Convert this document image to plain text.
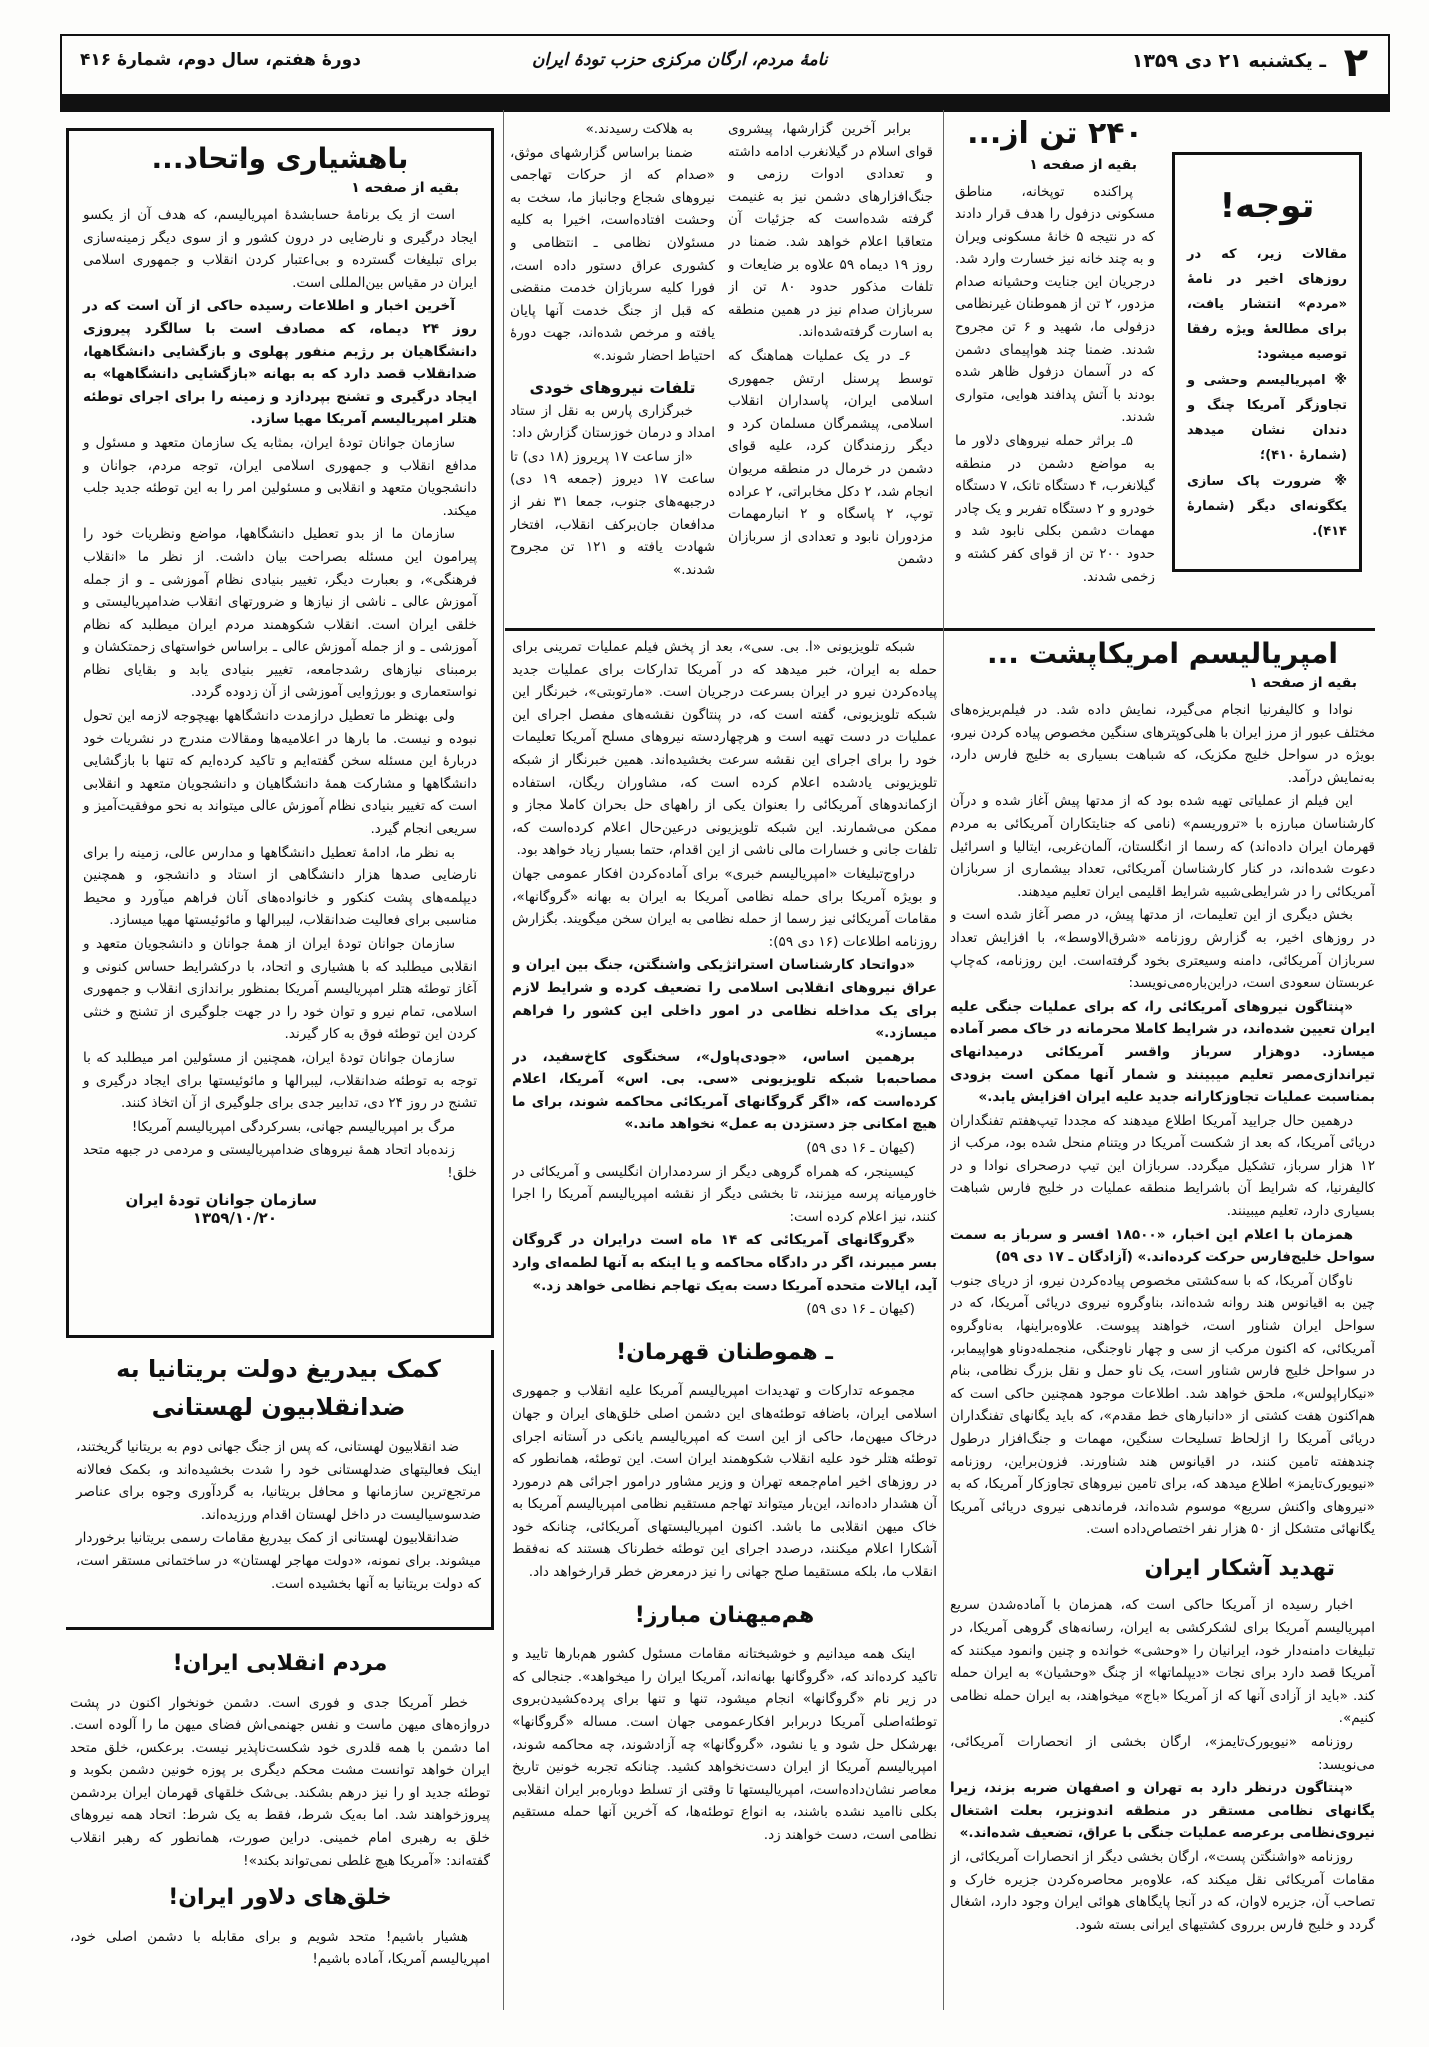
۲
ـ یکشنبه ۲۱ دی ۱۳۵۹
نامهٔ مردم، ارگان مرکزی حزب تودهٔ ایران
دورهٔ هفتم، سال دوم، شمارهٔ ۴۱۶
توجه!
مقالات زیر، که در روزهای اخیر در نامهٔ «مردم» انتشار یافت، برای مطالعهٔ ویژه رفقا توصیه میشود:
※ امپریالیسم وحشی و تجاوزگر آمریکا چنگ و دندان نشان میدهد (شمارهٔ ۴۱۰)؛
※ ضرورت پاک سازی یکگونه‌ای دیگر (شمارهٔ ۴۱۴).
۲۴۰ تن از...
بقیه از صفحه ۱
پراکنده توپخانه، مناطق مسکونی دزفول را هدف قرار دادند که در نتیجه ۵ خانهٔ مسکونی ویران و به چند خانه نیز خسارت وارد شد. درجریان این جنایت وحشیانه صدام مزدور، ۲ تن از هموطنان غیرنظامی دزفولی ما، شهید و ۶ تن مجروح شدند. ضمنا چند هواپیمای دشمن که در آسمان دزفول ظاهر شده بودند با آتش پدافند هوایی، متواری شدند.
۵ـ براثر حمله نیروهای دلاور ما به مواضع دشمن در منطقه گیلانغرب، ۴ دستگاه تانک، ۷ دستگاه خودرو و ۲ دستگاه تفربر و یک چادر مهمات دشمن بکلی نابود شد و حدود ۲۰۰ تن از قوای کفر کشته و زخمی شدند.
برابر آخرین گزارشها، پیشروی قوای اسلام در گیلانغرب ادامه داشته و تعدادی ادوات رزمی و جنگ‌افزارهای دشمن نیز به غنیمت گرفته شده‌است که جزئیات آن متعاقبا اعلام خواهد شد. ضمنا در روز ۱۹ دیماه ۵۹ علاوه بر ضایعات و تلفات مذکور حدود ۸۰ تن از سربازان صدام نیز در همین منطقه به اسارت گرفته‌شده‌اند.
۶ـ در یک عملیات هماهنگ که توسط پرسنل ارتش جمهوری اسلامی ایران، پاسداران انقلاب اسلامی، پیشمرگان مسلمان کرد و دیگر رزمندگان کرد، علیه قوای دشمن در خرمال در منطقه مریوان انجام شد، ۲ دکل مخابراتی، ۲ عراده توپ، ۲ پاسگاه و ۲ انبارمهمات مزدوران نابود و تعدادی از سربازان دشمن
به هلاکت رسیدند.»
ضمنا براساس گزارشهای موثق، «صدام که از حرکات تهاجمی نیروهای شجاع وجانباز ما، سخت به وحشت افتاده‌است، اخیرا به کلیه مسئولان نظامی ـ انتظامی و کشوری عراق دستور داده است، فورا کلیه سربازان خدمت منقضی که قبل از جنگ خدمت آنها پایان یافته و مرخص شده‌اند، جهت دورهٔ احتیاط احضار شوند.»
تلفات نیروهای خودی
خبرگزاری پارس به نقل از ستاد امداد و درمان خوزستان گزارش داد:
«از ساعت ۱۷ پریروز (۱۸ دی) تا ساعت ۱۷ دیروز (جمعه ۱۹ دی) درجبهه‌های جنوب، جمعا ۳۱ نفر از مدافعان جان‌برکف انقلاب، افتخار شهادت یافته و ۱۲۱ تن مجروح شدند.»
باهشیاری واتحاد...
بقیه از صفحه ۱
است از یک برنامهٔ حسابشدهٔ امپریالیسم، که هدف آن از یکسو ایجاد درگیری و نارضایی در درون کشور و از سوی دیگر زمینه‌سازی برای تبلیغات گسترده و بی‌اعتبار کردن انقلاب و جمهوری اسلامی ایران در مقیاس بین‌المللی است.
آخرین اخبار و اطلاعات رسیده حاکی از آن است که در روز ۲۴ دیماه، که مصادف است با سالگرد پیروزی دانشگاهیان بر رژیم منفور پهلوی و بازگشایی دانشگاهها، ضدانقلاب قصد دارد که به بهانه «بازگشایی دانشگاهها» به ایجاد درگیری و تشنج بپردازد و زمینه را برای اجرای توطئه هتلر امپریالیسم آمریکا مهیا سازد.
سازمان جوانان تودهٔ ایران، بمثابه یک سازمان متعهد و مسئول و مدافع انقلاب و جمهوری اسلامی ایران، توجه مردم، جوانان و دانشجویان متعهد و انقلابی و مسئولین امر را به این توطئه جدید جلب میکند.
سازمان ما از بدو تعطیل دانشگاهها، مواضع ونظریات خود را پیرامون این مسئله بصراحت بیان داشت. از نظر ما «انقلاب فرهنگی»، و بعبارت دیگر، تغییر بنیادی نظام آموزشی ـ و از جمله آموزش عالی ـ ناشی از نیازها و ضرورتهای انقلاب ضدامپریالیستی و خلقی ایران است. انقلاب شکوهمند مردم ایران میطلبد که نظام آموزشی ـ و از جمله آموزش عالی ـ براساس خواستهای زحمتکشان و برمبنای نیازهای رشدجامعه، تغییر بنیادی یابد و بقایای نظام نواستعماری و بورژوایی آموزشی از آن زدوده گردد.
ولی بهنظر ما تعطیل درازمدت دانشگاهها بهیچوجه لازمه این تحول نبوده و نیست. ما بارها در اعلامیه‌ها ومقالات مندرج در نشریات خود دربارهٔ این مسئله سخن گفته‌ایم و تاکید کرده‌ایم که تنها با بازگشایی دانشگاهها و مشارکت همهٔ دانشگاهیان و دانشجویان متعهد و انقلابی است که تغییر بنیادی نظام آموزش عالی میتواند به نحو موفقیت‌آمیز و سریعی انجام گیرد.
به نظر ما، ادامهٔ تعطیل دانشگاهها و مدارس عالی، زمینه را برای نارضایی صدها هزار دانشگاهی از استاد و دانشجو، و همچنین دیپلمه‌های پشت کنکور و خانواده‌های آنان فراهم میآورد و محیط مناسبی برای فعالیت ضدانقلاب، لیبرالها و مائوئیستها مهیا میسازد.
سازمان جوانان تودهٔ ایران از همهٔ جوانان و دانشجویان متعهد و انقلابی میطلبد که با هشیاری و اتحاد، با درکشرایط حساس کنونی و آغاز توطئه هتلر امپریالیسم آمریکا بمنظور براندازی انقلاب و جمهوری اسلامی، تمام نیرو و توان خود را در جهت جلوگیری از تشنج و خنثی کردن این توطئه فوق به کار گیرند.
سازمان جوانان تودهٔ ایران، همچنین از مسئولین امر میطلبد که با توجه به توطئه ضدانقلاب، لیبرالها و مائوئیستها برای ایجاد درگیری و تشنج در روز ۲۴ دی، تدابیر جدی برای جلوگیری از آن اتخاذ کنند.
مرگ بر امپریالیسم جهانی، بسرکردگی امپریالیسم آمریکا!
زنده‌باد اتحاد همهٔ نیروهای ضدامپریالیستی و مردمی در جبهه متحد خلق!
سازمان جوانان تودهٔ ایران
۱۳۵۹/۱۰/۲۰
کمک بیدریغ دولت بریتانیا به ضدانقلابیون لهستانی
ضد انقلابیون لهستانی، که پس از جنگ جهانی دوم به بریتانیا گریختند، اینک فعالیتهای ضدلهستانی خود را شدت بخشیده‌اند و، بکمک فعالانه مرتجع‌ترین سازمانها و محافل بریتانیا، به گردآوری وجوه برای عناصر ضدسوسیالیست در داخل لهستان اقدام ورزیده‌اند.
ضدانقلابیون لهستانی از کمک بیدریغ مقامات رسمی بریتانیا برخوردار میشوند. برای نمونه، «دولت مهاجر لهستان» در ساختمانی مستقر است، که دولت بریتانیا به آنها بخشیده است.
مردم انقلابی ایران!
خطر آمریکا جدی و فوری است. دشمن خونخوار اکنون در پشت دروازه‌های میهن ماست و نفس جهنمی‌اش فضای میهن ما را آلوده است. اما دشمن با همه قلدری خود شکست‌ناپذیر نیست. برعکس، خلق متحد ایران خواهد توانست مشت محکم دیگری بر پوزه خونین دشمن بکوبد و توطئه جدید او را نیز درهم بشکند. بی‌شک خلقهای قهرمان ایران بردشمن پیروزخواهند شد. اما به‌یک شرط، فقط به یک شرط: اتحاد همه نیروهای خلق به رهبری امام خمینی. دراین صورت، همانطور که رهبر انقلاب گفته‌اند: «آمریکا هیچ غلطی نمی‌تواند بکند»!
خلق‌های دلاور ایران!
هشیار باشیم! متحد شویم و برای مقابله با دشمن اصلی خود، امپریالیسم آمریکا، آماده باشیم!
شبکه تلویزیونی «ا. بی. سی»، بعد از پخش فیلم عملیات تمرینی برای حمله به ایران، خبر میدهد که در آمریکا تدارکات برای عملیات جدید پیاده‌کردن نیرو در ایران بسرعت درجریان است. «مارتوبتی»، خبرنگار این شبکه تلویزیونی، گفته است که، در پنتاگون نقشه‌های مفصل اجرای این عملیات در دست تهیه است و هرچهاردسته نیروهای مسلح آمریکا تعلیمات خود را برای اجرای این نقشه سرعت بخشیده‌اند. همین خبرنگار از شبکه تلویزیونی یادشده اعلام کرده است که، مشاوران ریگان، استفاده ازکماندوهای آمریکائی را بعنوان یکی از راههای حل بحران کاملا مجاز و ممکن می‌شمارند. این شبکه تلویزیونی درعین‌حال اعلام کرده‌است که، تلفات جانی و خسارات مالی ناشی از این اقدام، حتما بسیار زیاد خواهد بود.
دراوج‌تبلیغات «امپریالیسم خبری» برای آماده‌کردن افکار عمومی جهان و بویژه آمریکا برای حمله نظامی آمریکا به ایران به بهانه «گروگانها»، مقامات آمریکائی نیز رسما از حمله نظامی به ایران سخن میگویند. بگزارش روزنامه اطلاعات (۱۶ دی ۵۹):
«دواتحاد کارشناسان استراتژیکی واشنگتن، جنگ بین ایران و عراق نیروهای انقلابی اسلامی را تضعیف کرده و شرایط لازم برای یک مداخله نظامی در امور داخلی این کشور را فراهم میسازد.»
برهمین اساس، «جودی‌پاول»، سخنگوی کاخ‌سفید، در مصاحبه‌با شبکه تلویزیونی «سی. بی. اس» آمریکا، اعلام کرده‌است که، «اگر گروگانهای آمریکائی محاکمه شوند، برای ما هیچ امکانی جز دستزدن به عمل» نخواهد ماند.»
(کیهان ـ ۱۶ دی ۵۹)
کیسینجر، که همراه گروهی دیگر از سردمداران انگلیسی و آمریکائی در خاورمیانه پرسه میزنند، تا بخشی دیگر از نقشه امپریالیسم آمریکا را اجرا کنند، نیز اعلام کرده است:
«گروگانهای آمریکائی که ۱۴ ماه است درایران در گروگان بسر میبرند، اگر در دادگاه محاکمه و یا اینکه به آنها لطمه‌ای وارد آید، ایالات متحده آمریکا دست به‌یک تهاجم نظامی خواهد زد.»
(کیهان ـ ۱۶ دی ۵۹)
ـ هموطنان قهرمان!
مجموعه تدارکات و تهدیدات امپریالیسم آمریکا علیه انقلاب و جمهوری اسلامی ایران، باضافه توطئه‌های این دشمن اصلی خلق‌های ایران و جهان درخاک میهن‌ما، حاکی از این است که امپریالیسم یانکی در آستانه اجرای توطئه هتلر خود علیه انقلاب شکوهمند ایران است. این توطئه، همانطور که در روزهای اخیر امام‌جمعه تهران و وزیر مشاور درامور اجرائی هم درمورد آن هشدار داده‌اند، این‌بار میتواند تهاجم مستقیم نظامی امپریالیسم آمریکا به خاک میهن انقلابی ما باشد. اکنون امپریالیستهای آمریکائی، چنانکه خود آشکارا اعلام میکنند، درصدد اجرای این توطئه خطرناک هستند که نه‌فقط انقلاب ما، بلکه مستقیما صلح جهانی را نیز درمعرض خطر قرارخواهد داد.
هم‌میهنان مبارز!
اینک همه میدانیم و خوشبختانه مقامات مسئول کشور هم‌بارها تایید و تاکید کرده‌اند که، «گروگانها بهانه‌اند، آمریکا ایران را میخواهد». جنجالی که در زیر نام «گروگانها» انجام میشود، تنها و تنها برای پرده‌کشیدن‌بروی توطئه‌اصلی آمریکا دربرابر افکارعمومی جهان است. مساله «گروگانها» بهرشکل حل شود و یا نشود، «گروگانها» چه آزادشوند، چه محاکمه شوند، امپریالیسم آمریکا از ایران دست‌نخواهد کشید. چنانکه تجربه خونین تاریخ معاصر نشان‌داده‌است، امپریالیستها تا وقتی از تسلط دوباره‌بر ایران انقلابی بکلی ناامید نشده باشند، به انواع توطئه‌ها، که آخرین آنها حمله مستقیم نظامی است، دست خواهند زد.
امپریالیسم امریکاپشت ...
بقیه از صفحه ۱
نوادا و کالیفرنیا انجام می‌گیرد، نمایش داده شد. در فیلم‌بریزه‌های مختلف عبور از مرز ایران با هلی‌کوپترهای سنگین مخصوص پیاده کردن نیرو، بویژه در سواحل خلیج مکزیک، که شباهت بسیاری به خلیج فارس دارد، به‌نمایش درآمد.
این فیلم از عملیاتی تهیه شده بود که از مدتها پیش آغاز شده و درآن کارشناسان مبارزه با «تروریسم» (نامی که جنایتکاران آمریکائی به مردم قهرمان ایران داده‌اند) که رسما از انگلستان، آلمان‌غربی، ایتالیا و اسرائیل دعوت شده‌اند، در کنار کارشناسان آمریکائی، تعداد بیشماری از سربازان آمریکائی را در شرایطی‌شبیه شرایط اقلیمی ایران تعلیم میدهند.
بخش دیگری از این تعلیمات، از مدتها پیش، در مصر آغاز شده است و در روزهای اخیر، به گزارش روزنامه «شرق‌الاوسط»، با افزایش تعداد سربازان آمریکائی، دامنه وسیعتری بخود گرفته‌است. این روزنامه، که‌چاپ عربستان سعودی است، دراین‌باره‌می‌نویسد:
«پنتاگون نیروهای آمریکائی را، که برای عملیات جنگی علیه ایران تعیین شده‌اند، در شرایط کاملا محرمانه در خاک مصر آماده میسازد. دوهزار سرباز واقسر آمریکائی درمیدانهای تیراندازی‌مصر تعلیم میبینند و شمار آنها ممکن است بزودی بمناسبت عملیات تجاوزکارانه جدید علیه ایران افزایش یابد.»
درهمین حال جرایید آمریکا اطلاع میدهند که مجددا تیپ‌هفتم تفنگداران دریائی آمریکا، که بعد از شکست آمریکا در ویتنام منحل شده بود، مرکب از ۱۲ هزار سرباز، تشکیل میگردد. سربازان این تیپ درصحرای نوادا و در کالیفرنیا، که شرایط آن باشرایط منطقه عملیات در خلیج فارس شباهت بسیاری دارد، تعلیم میبینند.
همزمان با اعلام این اخبار، «۱۸۵۰۰ افسر و سرباز به سمت سواحل خلیج‌فارس حرکت کرده‌اند.» (آزادگان ـ ۱۷ دی ۵۹)
ناوگان آمریکا، که با سه‌کشتی مخصوص پیاده‌کردن نیرو، از دریای جنوب چین به اقیانوس هند روانه شده‌اند، بناوگروه نیروی دریائی آمریکا، که در سواحل ایران شناور است، خواهند پیوست. علاوه‌براینها، به‌ناوگروه آمریکائی، که اکنون مرکب از سی و چهار ناوجنگی، منجمله‌دوناو هواپیمابر، در سواحل خلیج فارس شناور است، یک ناو حمل و نقل بزرگ نظامی، بنام «نیکاراپولس»، ملحق خواهد شد. اطلاعات موجود همچنین حاکی است که هم‌اکنون هفت کشتی از «دانبارهای خط مقدم»، که باید یگانهای تفنگداران دریائی آمریکا را ازلحاظ تسلیحات سنگین، مهمات و جنگ‌افزار درطول چندهفته تامین کنند، در اقیانوس هند شناورند. فزون‌براین، روزنامه «نیویورک‌تایمز» اطلاع میدهد که، برای تامین نیروهای تجاوزکار آمریکا، که به «نیروهای واکنش سریع» موسوم شده‌اند، فرماندهی نیروی دریائی آمریکا یگانهائی متشکل از ۵۰ هزار نفر اختصاص‌داده است.
تهدید آشکار ایران
اخبار رسیده از آمریکا حاکی است که، همزمان با آماده‌شدن سریع امپریالیسم آمریکا برای لشکرکشی به ایران، رسانه‌های گروهی آمریکا، در تبلیغات دامنه‌دار خود، ایرانیان را «وحشی» خوانده و چنین وانمود میکنند که آمریکا قصد دارد برای نجات «دیپلماتها» از چنگ «وحشیان» به ایران حمله کند. «باید از آزادی آنها که از آمریکا «باج» میخواهند، به ایران حمله نظامی کنیم».
روزنامه «نیویورک‌تایمز»، ارگان بخشی از انحصارات آمریکائی، می‌نویسد:
«پنتاگون درنظر دارد به تهران و اصفهان ضربه بزند، زیرا یگانهای نظامی مستقر در منطقه اندونزیر، بعلت اشتغال نیروی‌نظامی برعرصه عملیات جنگی با عراق، تضعیف شده‌اند.»
روزنامه «واشنگتن پست»، ارگان بخشی دیگر از انحصارات آمریکائی، از مقامات آمریکائی نقل میکند که، علاوه‌بر محاصره‌کردن جزیره خارک و تصاحب آن، جزیره لاوان، که در آنجا پایگاهای هوائی ایران وجود دارد، اشغال گردد و خلیج فارس برروی کشتیهای ایرانی بسته شود.
